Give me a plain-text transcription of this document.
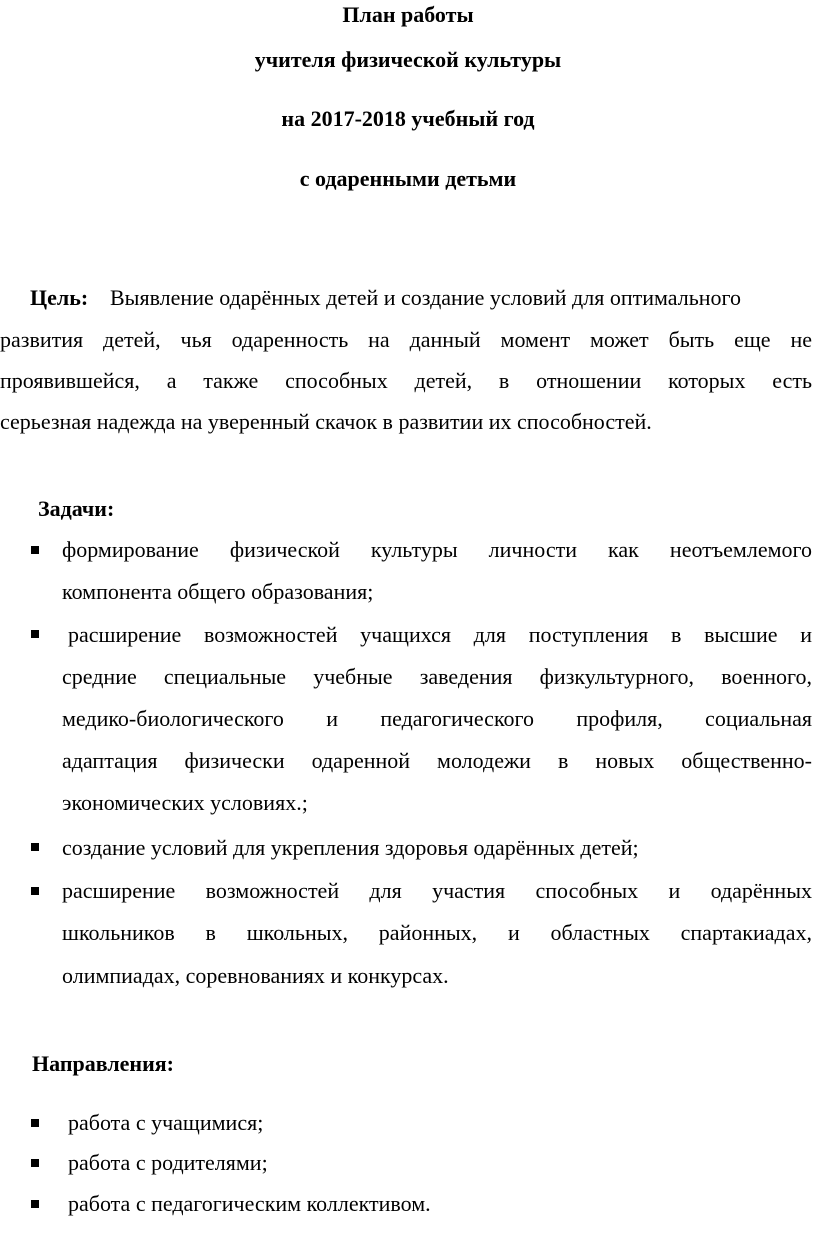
План работы
учителя физической культуры
на 2017-2018 учебный год
с одаренными детьми
Цель: Выявление одарённых детей и создание условий для оптимального
развития детей, чья одаренность на данный момент может быть еще не
проявившейся, а также способных детей, в отношении которых есть
серьезная надежда на уверенный скачок в развитии их способностей.
Задачи:
формирование физической культуры личности как неотъемлемого
компонента общего образования;
расширение возможностей учащихся для поступления в высшие и
средние специальные учебные заведения физкультурного, военного,
медико-биологического и педагогического профиля, социальная
адаптация физически одаренной молодежи в новых общественно-
экономических условиях.;
создание условий для укрепления здоровья одарённых детей;
расширение возможностей для участия способных и одарённых
школьников в школьных, районных, и областных спартакиадах,
олимпиадах, соревнованиях и конкурсах.
Направления:
работа с учащимися;
работа с родителями;
работа с педагогическим коллективом.
